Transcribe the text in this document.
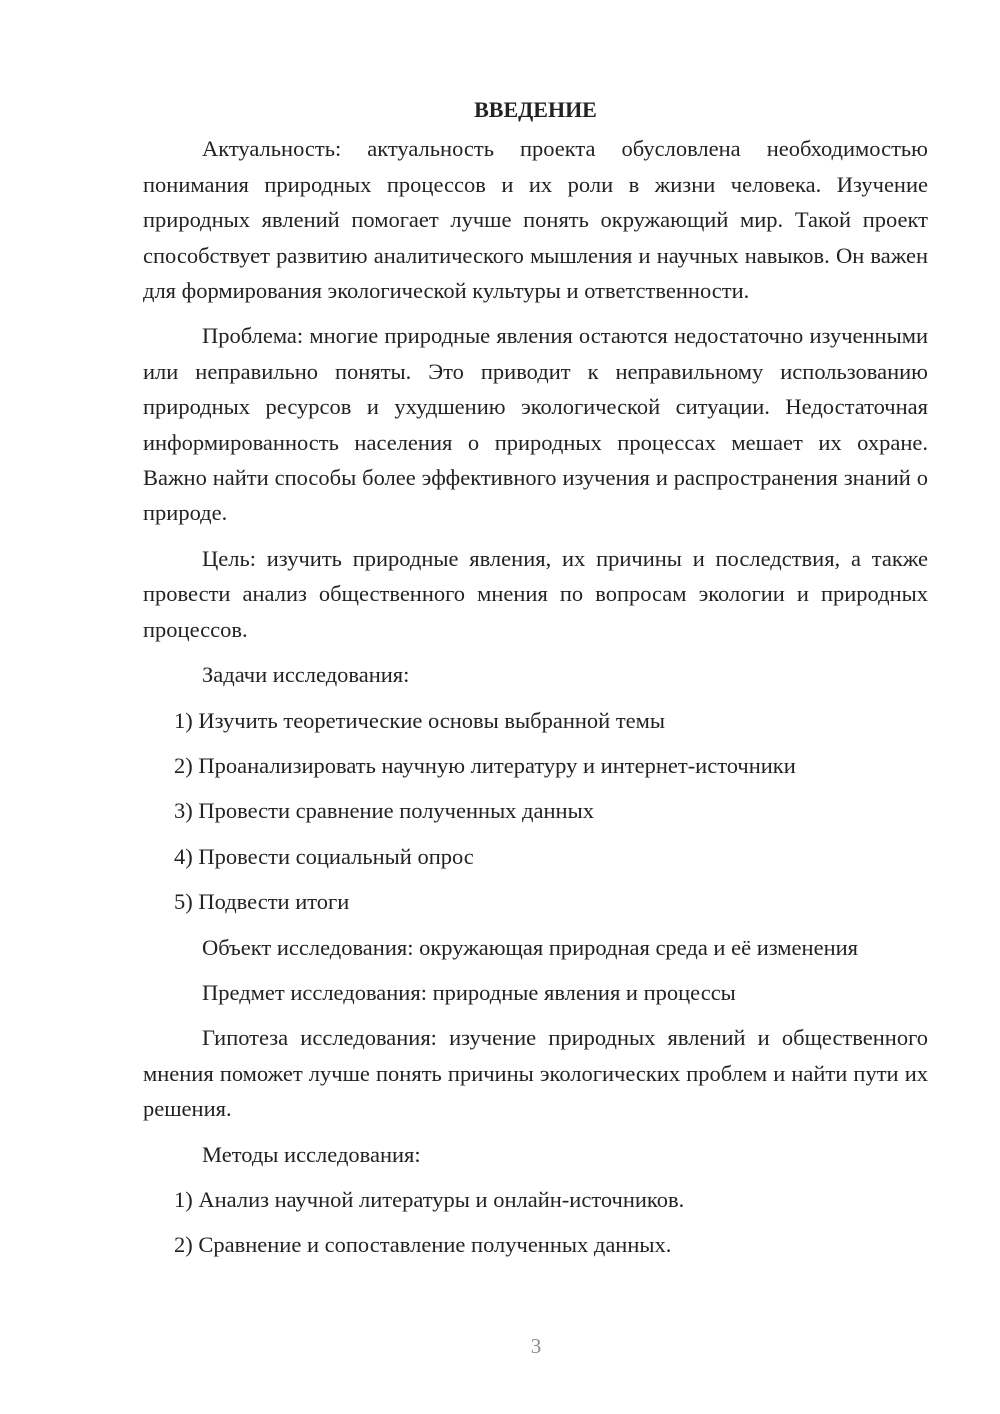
ВВЕДЕНИЕ
Актуальность: актуальность проекта обусловлена необходимостью понимания природных процессов и их роли в жизни человека. Изучение природных явлений помогает лучше понять окружающий мир. Такой проект способствует развитию аналитического мышления и научных навыков. Он важен для формирования экологической культуры и ответственности.
Проблема: многие природные явления остаются недостаточно изученными или неправильно поняты. Это приводит к неправильному использованию природных ресурсов и ухудшению экологической ситуации. Недостаточная информированность населения о природных процессах мешает их охране. Важно найти способы более эффективного изучения и распространения знаний о природе.
Цель: изучить природные явления, их причины и последствия, а также провести анализ общественного мнения по вопросам экологии и природных процессов.
Задачи исследования:
1) Изучить теоретические основы выбранной темы
2) Проанализировать научную литературу и интернет-источники
3) Провести сравнение полученных данных
4) Провести социальный опрос
5) Подвести итоги
Объект исследования: окружающая природная среда и её изменения
Предмет исследования: природные явления и процессы
Гипотеза исследования: изучение природных явлений и общественного мнения поможет лучше понять причины экологических проблем и найти пути их решения.
Методы исследования:
1) Анализ научной литературы и онлайн-источников.
2) Сравнение и сопоставление полученных данных.
3
